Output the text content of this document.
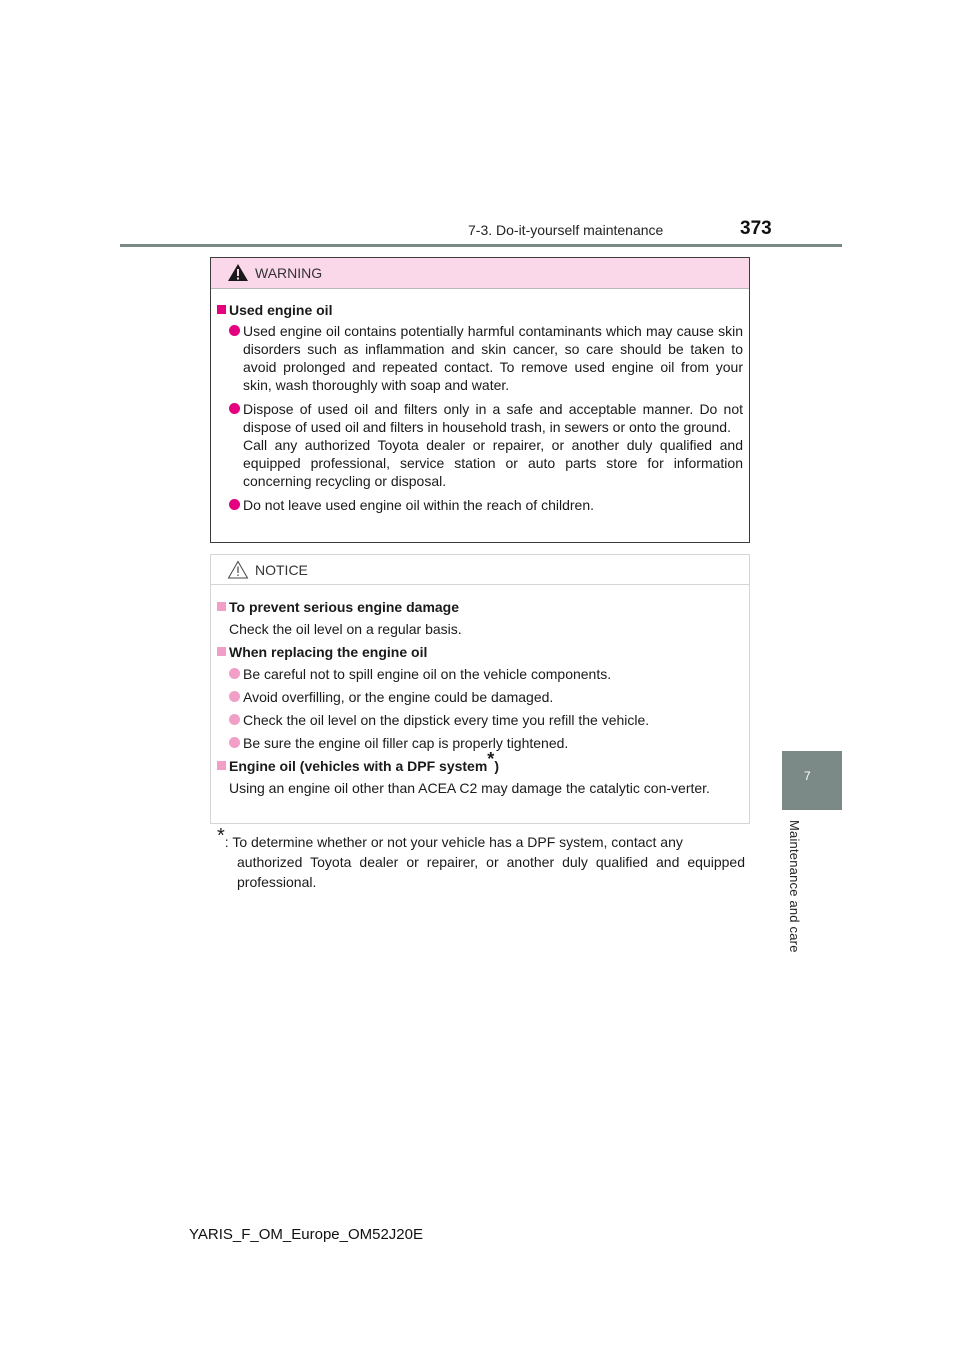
7-3. Do-it-yourself maintenance	373
7
Maintenance and care
WARNING
Used engine oil
Used engine oil contains potentially harmful contaminants which may cause skin disorders such as inflammation and skin cancer, so care should be taken to avoid prolonged and repeated contact. To remove used engine oil from your skin, wash thoroughly with soap and water.
Dispose of used oil and filters only in a safe and acceptable manner. Do not dispose of used oil and filters in household trash, in sewers or onto the ground.
Call any authorized Toyota dealer or repairer, or another duly qualified and equipped professional, service station or auto parts store for information concerning recycling or disposal.
Do not leave used engine oil within the reach of children.
NOTICE
To prevent serious engine damage
Check the oil level on a regular basis.
When replacing the engine oil
Be careful not to spill engine oil on the vehicle components.
Avoid overfilling, or the engine could be damaged.
Check the oil level on the dipstick every time you refill the vehicle.
Be sure the engine oil filler cap is properly tightened.
Engine oil (vehicles with a DPF system*)
Using an engine oil other than ACEA C2 may damage the catalytic con-verter.
*: To determine whether or not your vehicle has a DPF system, contact any
authorized Toyota dealer or repairer, or another duly qualified and equipped professional.
YARIS_F_OM_Europe_OM52J20E
